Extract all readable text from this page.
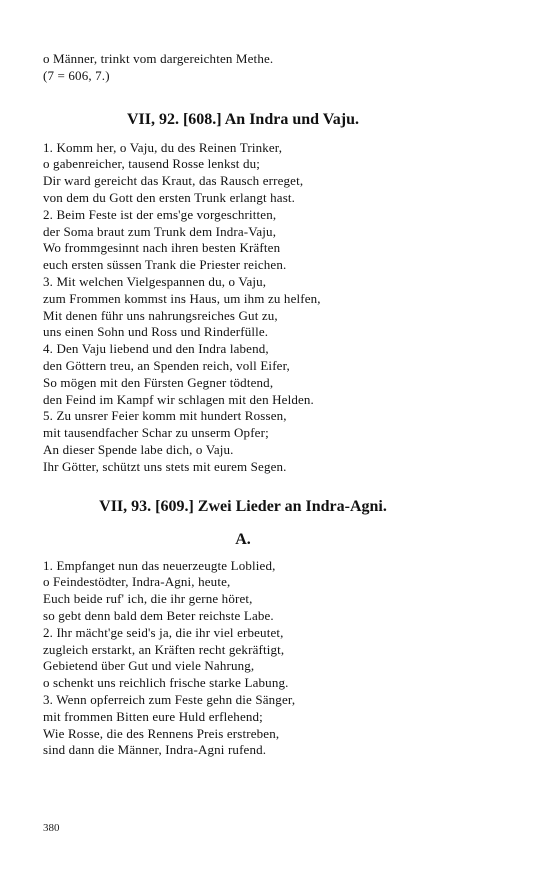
o Männer, trinkt vom dargereichten Methe.
(7 = 606, 7.)
VII, 92. [608.] An Indra und Vaju.
1. Komm her, o Vaju, du des Reinen Trinker,
o gabenreicher, tausend Rosse lenkst du;
Dir ward gereicht das Kraut, das Rausch erreget,
von dem du Gott den ersten Trunk erlangt hast.
2. Beim Feste ist der ems'ge vorgeschritten,
der Soma braut zum Trunk dem Indra-Vaju,
Wo frommgesinnt nach ihren besten Kräften
euch ersten süssen Trank die Priester reichen.
3. Mit welchen Vielgespannen du, o Vaju,
zum Frommen kommst ins Haus, um ihm zu helfen,
Mit denen führ uns nahrungsreiches Gut zu,
uns einen Sohn und Ross und Rinderfülle.
4. Den Vaju liebend und den Indra labend,
den Göttern treu, an Spenden reich, voll Eifer,
So mögen mit den Fürsten Gegner tödtend,
den Feind im Kampf wir schlagen mit den Helden.
5. Zu unsrer Feier komm mit hundert Rossen,
mit tausendfacher Schar zu unserm Opfer;
An dieser Spende labe dich, o Vaju.
Ihr Götter, schützt uns stets mit eurem Segen.
VII, 93. [609.] Zwei Lieder an Indra-Agni.
A.
1. Empfanget nun das neuerzeugte Loblied,
o Feindestödter, Indra-Agni, heute,
Euch beide ruf' ich, die ihr gerne höret,
so gebt denn bald dem Beter reichste Labe.
2. Ihr mächt'ge seid's ja, die ihr viel erbeutet,
zugleich erstarkt, an Kräften recht gekräftigt,
Gebietend über Gut und viele Nahrung,
o schenkt uns reichlich frische starke Labung.
3. Wenn opferreich zum Feste gehn die Sänger,
mit frommen Bitten eure Huld erflehend;
Wie Rosse, die des Rennens Preis erstreben,
sind dann die Männer, Indra-Agni rufend.
380
